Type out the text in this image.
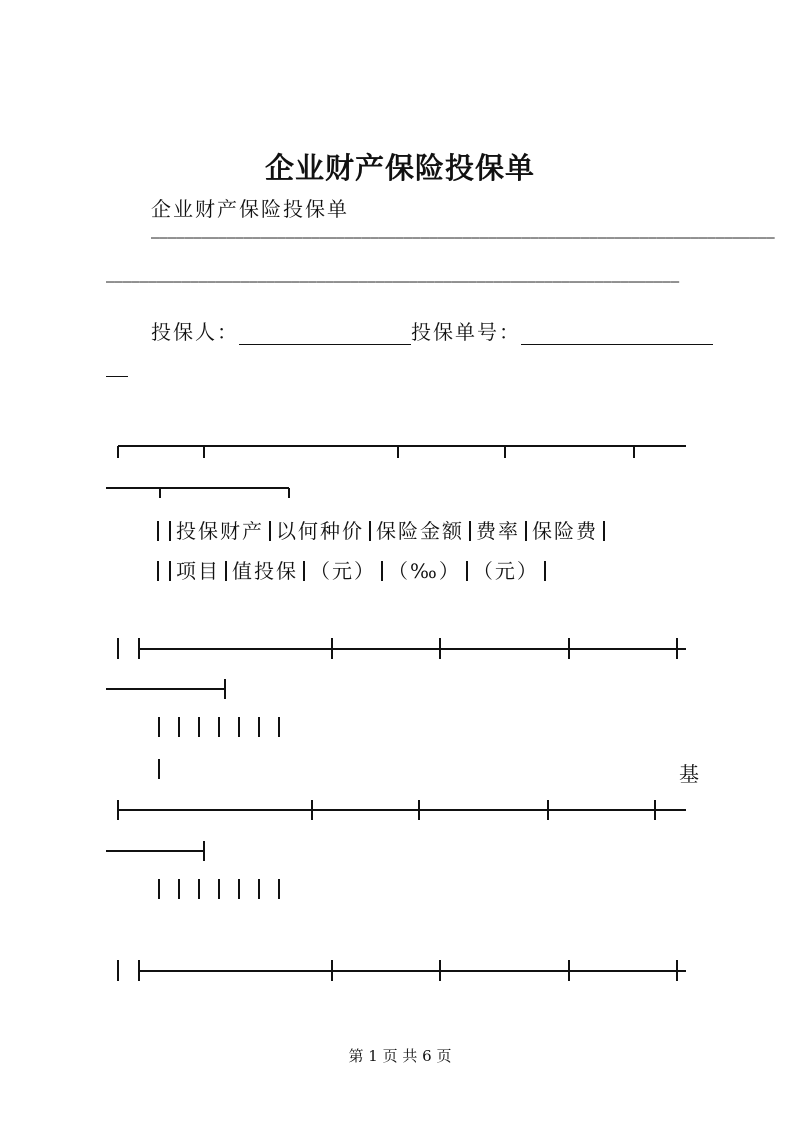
企业财产保险投保单
企业财产保险投保单
——————————————————————————————————————————————————————————————————————————
————————————————————————————————————————————————————————————————————
投保人：	投保单号：
投保财产 以何种价 保险金额 费率 保险费
项目 值投保 （元） （‰） （元）
基
第 1 页 共 6 页
